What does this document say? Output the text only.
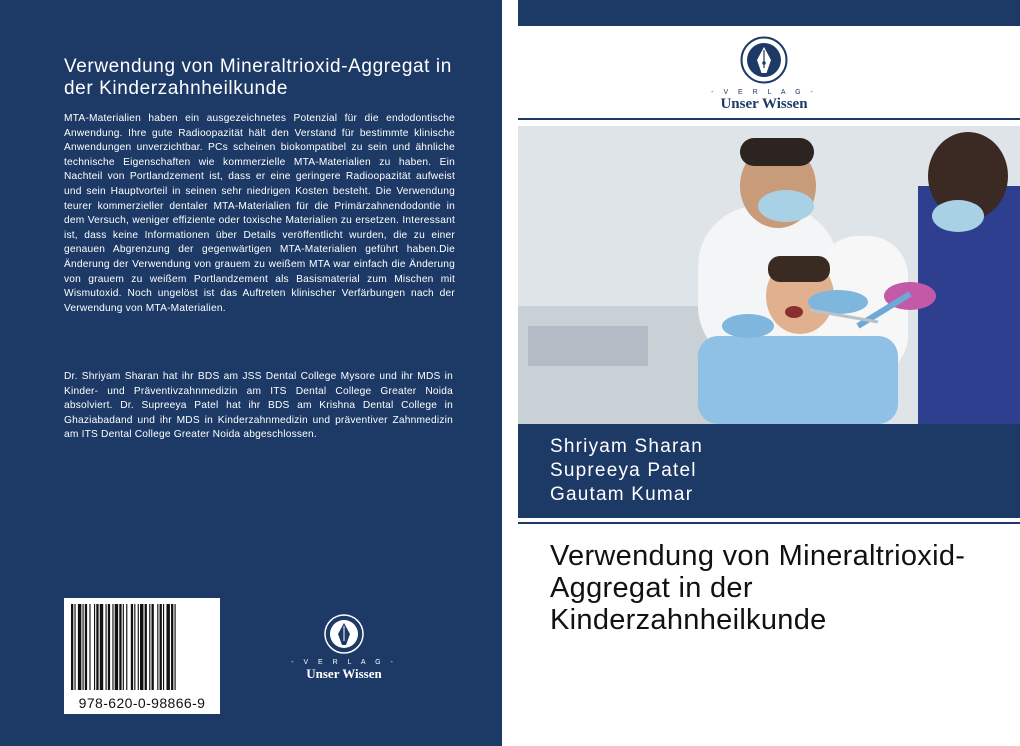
Verwendung von Mineraltrioxid-Aggregat in der Kinderzahnheilkunde
MTA-Materialien haben ein ausgezeichnetes Potenzial für die endodontische Anwendung. Ihre gute Radioopazität hält den Verstand für bestimmte klinische Anwendungen unverzichtbar. PCs scheinen biokompatibel zu sein und ähnliche technische Eigenschaften wie kommerzielle MTA-Materialien zu haben. Ein Nachteil von Portlandzement ist, dass er eine geringere Radioopazität aufweist und sein Hauptvorteil in seinen sehr niedrigen Kosten besteht. Die Verwendung teurer kommerzieller dentaler MTA-Materialien für die Primärzahnendodontie in dem Versuch, weniger effiziente oder toxische Materialien zu ersetzen. Interessant ist, dass keine Informationen über Details veröffentlicht wurden, die zu einer genauen Abgrenzung der gegenwärtigen MTA-Materialien geführt haben.Die Änderung der Verwendung von grauem zu weißem MTA war einfach die Änderung von grauem zu weißem Portlandzement als Basismaterial zum Mischen mit Wismutoxid. Noch ungelöst ist das Auftreten klinischer Verfärbungen nach der Verwendung von MTA-Materialien.
Dr. Shriyam Sharan hat ihr BDS am JSS Dental College Mysore und ihr MDS in Kinder- und Präventivzahnmedizin am ITS Dental College Greater Noida absolviert. Dr. Supreeya Patel hat ihr BDS am Krishna Dental College in Ghaziabadand und ihr MDS in Kinderzahnmedizin und präventiver Zahnmedizin am ITS Dental College Greater Noida abgeschlossen.
978-620-0-98866-9
- V E R L A G -
Unser Wissen
- V E R L A G -
Unser Wissen
Shriyam Sharan
Supreeya Patel
Gautam Kumar
Verwendung von Mineraltrioxid-Aggregat in der Kinderzahnheilkunde
